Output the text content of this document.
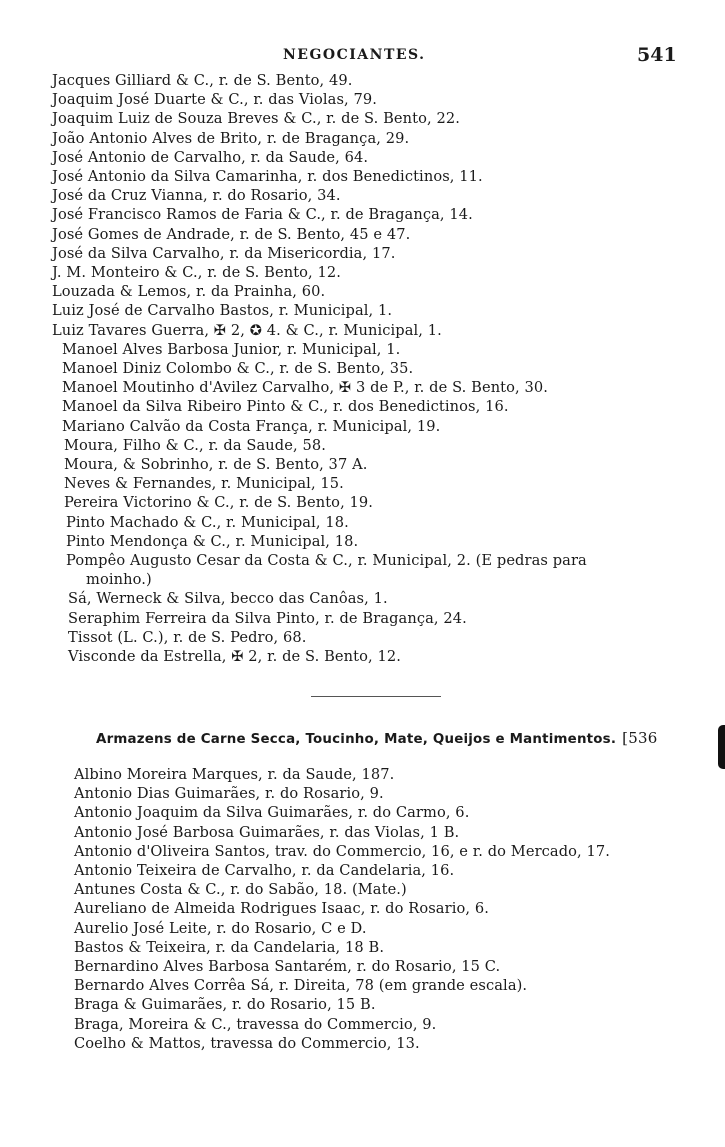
NEGOCIANTES.	541
Jacques Gilliard & C., r. de S. Bento, 49.
Joaquim José Duarte & C., r. das Violas, 79.
Joaquim Luiz de Souza Breves & C., r. de S. Bento, 22.
João Antonio Alves de Brito, r. de Bragança, 29.
José Antonio de Carvalho, r. da Saude, 64.
José Antonio da Silva Camarinha, r. dos Benedictinos, 11.
José da Cruz Vianna, r. do Rosario, 34.
José Francisco Ramos de Faria & C., r. de Bragança, 14.
José Gomes de Andrade, r. de S. Bento, 45 e 47.
José da Silva Carvalho, r. da Misericordia, 17.
J. M. Monteiro & C., r. de S. Bento, 12.
Louzada & Lemos, r. da Prainha, 60.
Luiz José de Carvalho Bastos, r. Municipal, 1.
Luiz Tavares Guerra, ✠ 2, ✪ 4. & C., r. Municipal, 1.
Manoel Alves Barbosa Junior, r. Municipal, 1.
Manoel Diniz Colombo & C., r. de S. Bento, 35.
Manoel Moutinho d'Avilez Carvalho, ✠ 3 de P., r. de S. Bento, 30.
Manoel da Silva Ribeiro Pinto & C., r. dos Benedictinos, 16.
Mariano Calvão da Costa França, r. Municipal, 19.
Moura, Filho & C., r. da Saude, 58.
Moura, & Sobrinho, r. de S. Bento, 37 A.
Neves & Fernandes, r. Municipal, 15.
Pereira Victorino & C., r. de S. Bento, 19.
Pinto Machado & C., r. Municipal, 18.
Pinto Mendonça & C., r. Municipal, 18.
Pompêo Augusto Cesar da Costa & C., r. Municipal, 2. (E pedras para
moinho.)
Sá, Werneck & Silva, becco das Canôas, 1.
Seraphim Ferreira da Silva Pinto, r. de Bragança, 24.
Tissot (L. C.), r. de S. Pedro, 68.
Visconde da Estrella, ✠ 2, r. de S. Bento, 12.
Armazens de Carne Secca, Toucinho, Mate, Queijos e Mantimentos. [536
Albino Moreira Marques, r. da Saude, 187.
Antonio Dias Guimarães, r. do Rosario, 9.
Antonio Joaquim da Silva Guimarães, r. do Carmo, 6.
Antonio José Barbosa Guimarães, r. das Violas, 1 B.
Antonio d'Oliveira Santos, trav. do Commercio, 16, e r. do Mercado, 17.
Antonio Teixeira de Carvalho, r. da Candelaria, 16.
Antunes Costa & C., r. do Sabão, 18. (Mate.)
Aureliano de Almeida Rodrigues Isaac, r. do Rosario, 6.
Aurelio José Leite, r. do Rosario, C e D.
Bastos & Teixeira, r. da Candelaria, 18 B.
Bernardino Alves Barbosa Santarém, r. do Rosario, 15 C.
Bernardo Alves Corrêa Sá, r. Direita, 78 (em grande escala).
Braga & Guimarães, r. do Rosario, 15 B.
Braga, Moreira & C., travessa do Commercio, 9.
Coelho & Mattos, travessa do Commercio, 13.
